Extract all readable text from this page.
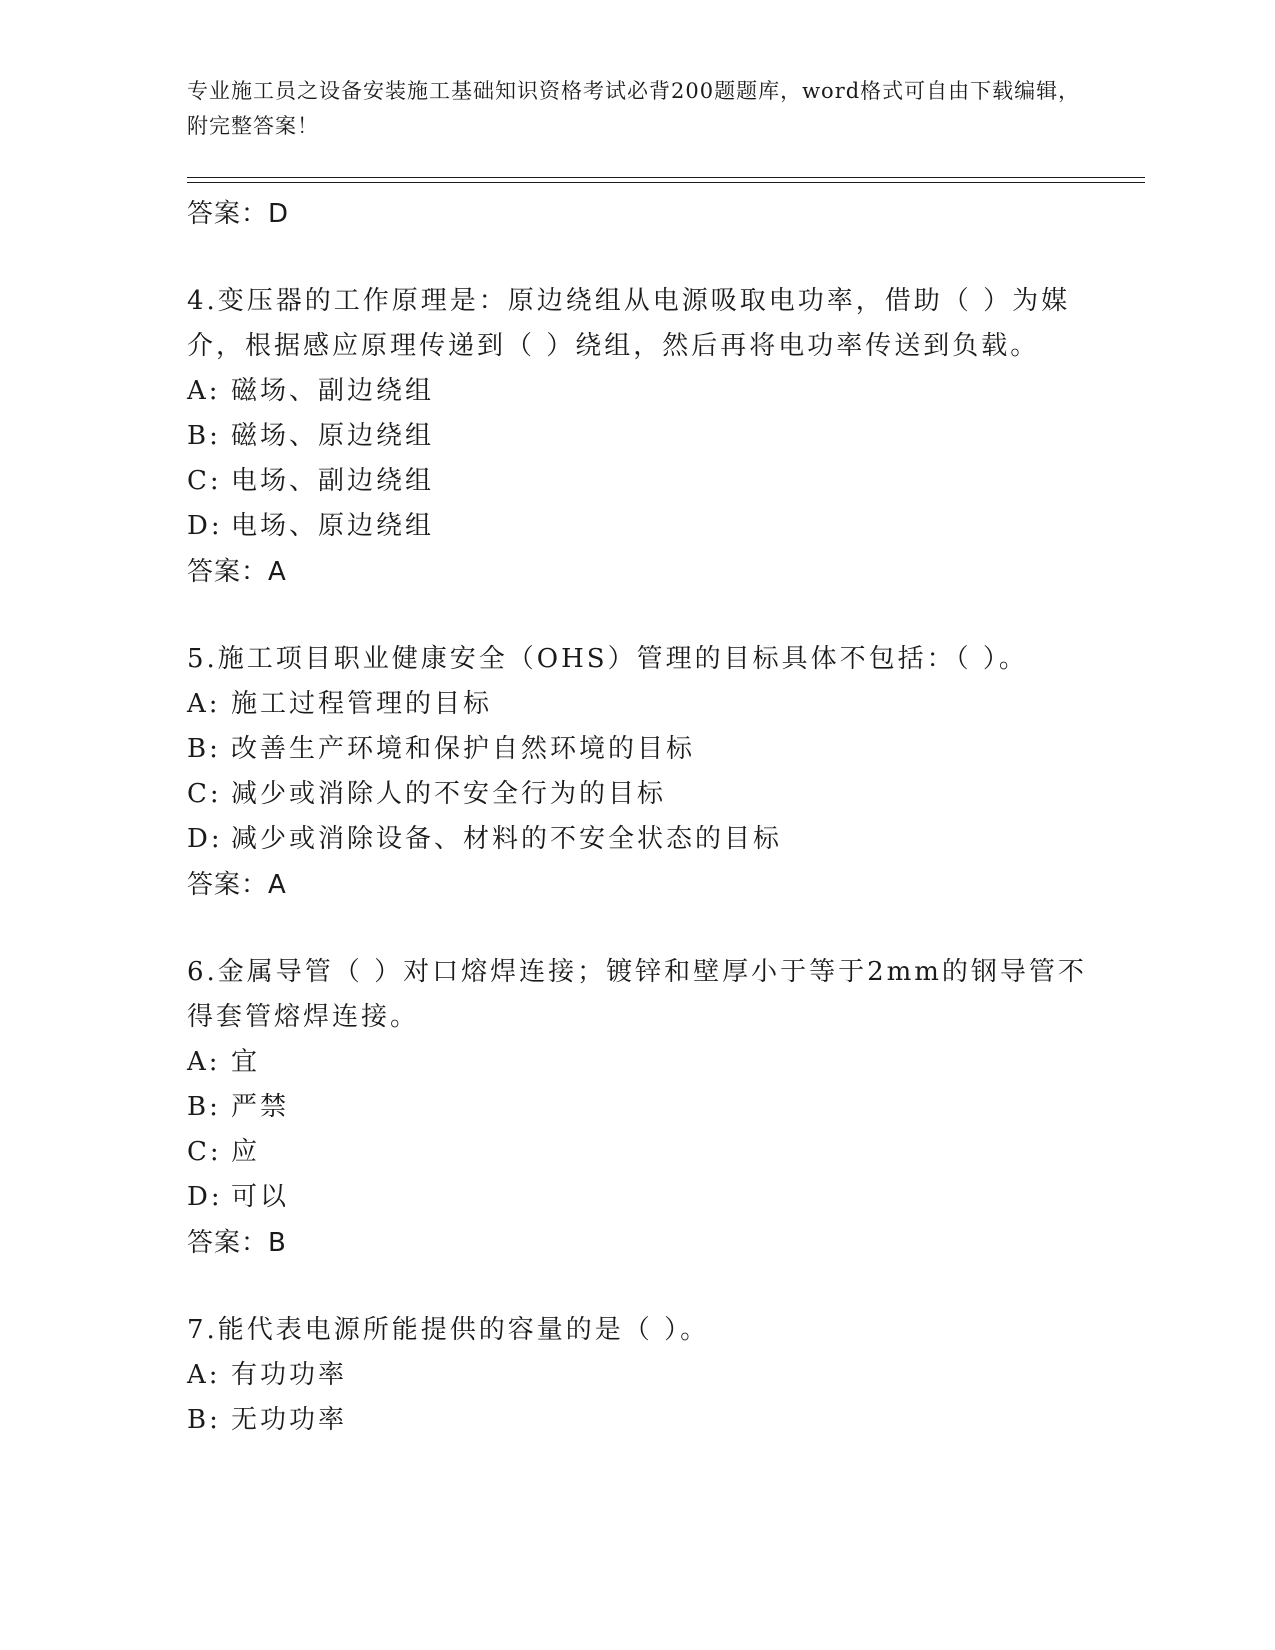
专业施工员之设备安装施工基础知识资格考试必背200题题库，word格式可自由下载编辑，附完整答案！
答案：D
4.变压器的工作原理是：原边绕组从电源吸取电功率，借助（ ）为媒介，根据感应原理传递到（ ）绕组，然后再将电功率传送到负载。
A: 磁场、副边绕组
B: 磁场、原边绕组
C: 电场、副边绕组
D: 电场、原边绕组
答案：A
5.施工项目职业健康安全（OHS）管理的目标具体不包括：（ ）。
A: 施工过程管理的目标
B: 改善生产环境和保护自然环境的目标
C: 减少或消除人的不安全行为的目标
D: 减少或消除设备、材料的不安全状态的目标
答案：A
6.金属导管（ ）对口熔焊连接；镀锌和壁厚小于等于2mm的钢导管不得套管熔焊连接。
A: 宜
B: 严禁
C: 应
D: 可以
答案：B
7.能代表电源所能提供的容量的是（ ）。
A: 有功功率
B: 无功功率
